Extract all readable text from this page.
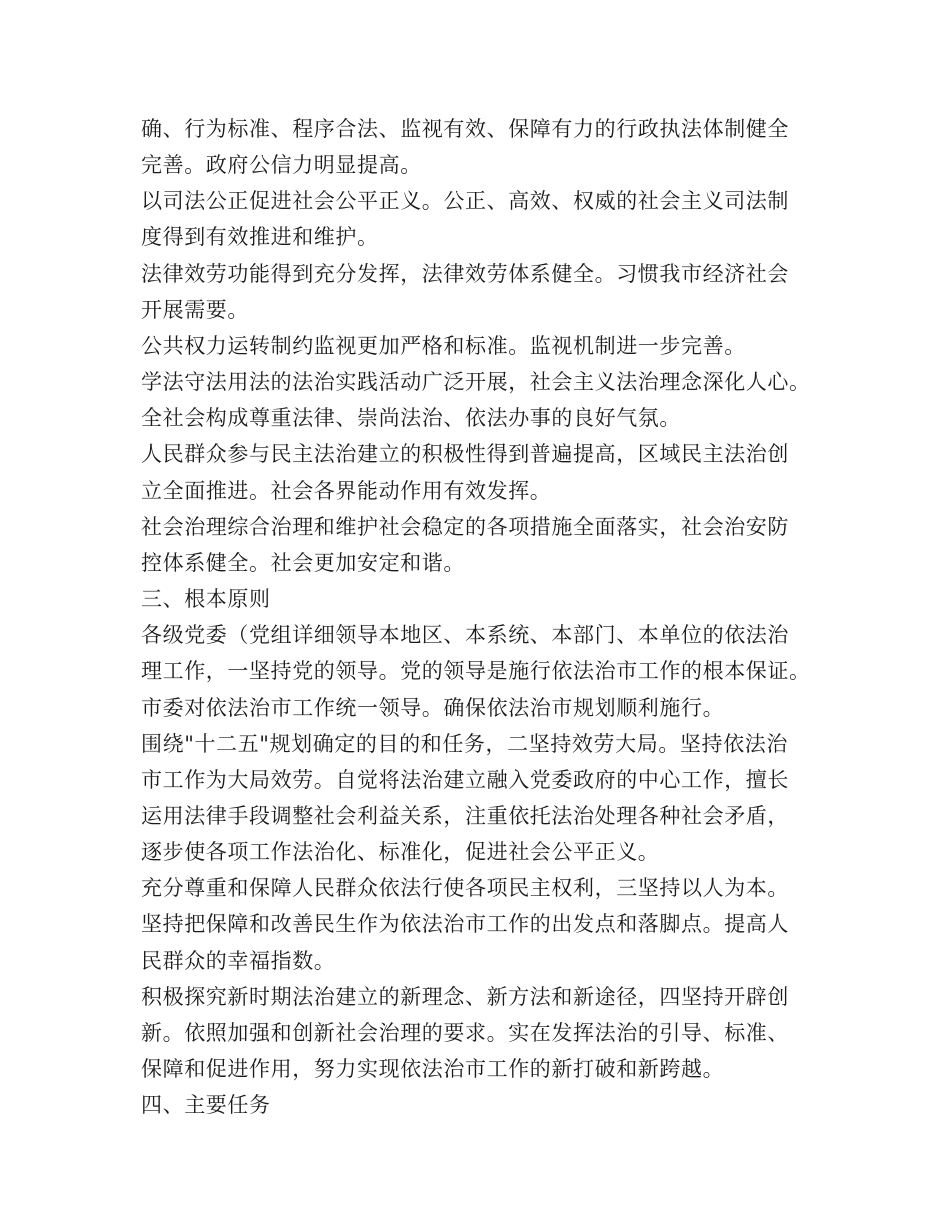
确、行为标准、程序合法、监视有效、保障有力的行政执法体制健全
完善。政府公信力明显提高。
以司法公正促进社会公平正义。公正、高效、权威的社会主义司法制
度得到有效推进和维护。
法律效劳功能得到充分发挥，法律效劳体系健全。习惯我市经济社会
开展需要。
公共权力运转制约监视更加严格和标准。监视机制进一步完善。
学法守法用法的法治实践活动广泛开展，社会主义法治理念深化人心。
全社会构成尊重法律、崇尚法治、依法办事的良好气氛。
人民群众参与民主法治建立的积极性得到普遍提高，区域民主法治创
立全面推进。社会各界能动作用有效发挥。
社会治理综合治理和维护社会稳定的各项措施全面落实，社会治安防
控体系健全。社会更加安定和谐。
三、根本原则
各级党委（党组详细领导本地区、本系统、本部门、本单位的依法治
理工作，一坚持党的领导。党的领导是施行依法治市工作的根本保证。
市委对依法治市工作统一领导。确保依法治市规划顺利施行。
围绕"十二五"规划确定的目的和任务，二坚持效劳大局。坚持依法治
市工作为大局效劳。自觉将法治建立融入党委政府的中心工作，擅长
运用法律手段调整社会利益关系，注重依托法治处理各种社会矛盾，
逐步使各项工作法治化、标准化，促进社会公平正义。
充分尊重和保障人民群众依法行使各项民主权利，三坚持以人为本。
坚持把保障和改善民生作为依法治市工作的出发点和落脚点。提高人
民群众的幸福指数。
积极探究新时期法治建立的新理念、新方法和新途径，四坚持开辟创
新。依照加强和创新社会治理的要求。实在发挥法治的引导、标准、
保障和促进作用，努力实现依法治市工作的新打破和新跨越。
四、主要任务
